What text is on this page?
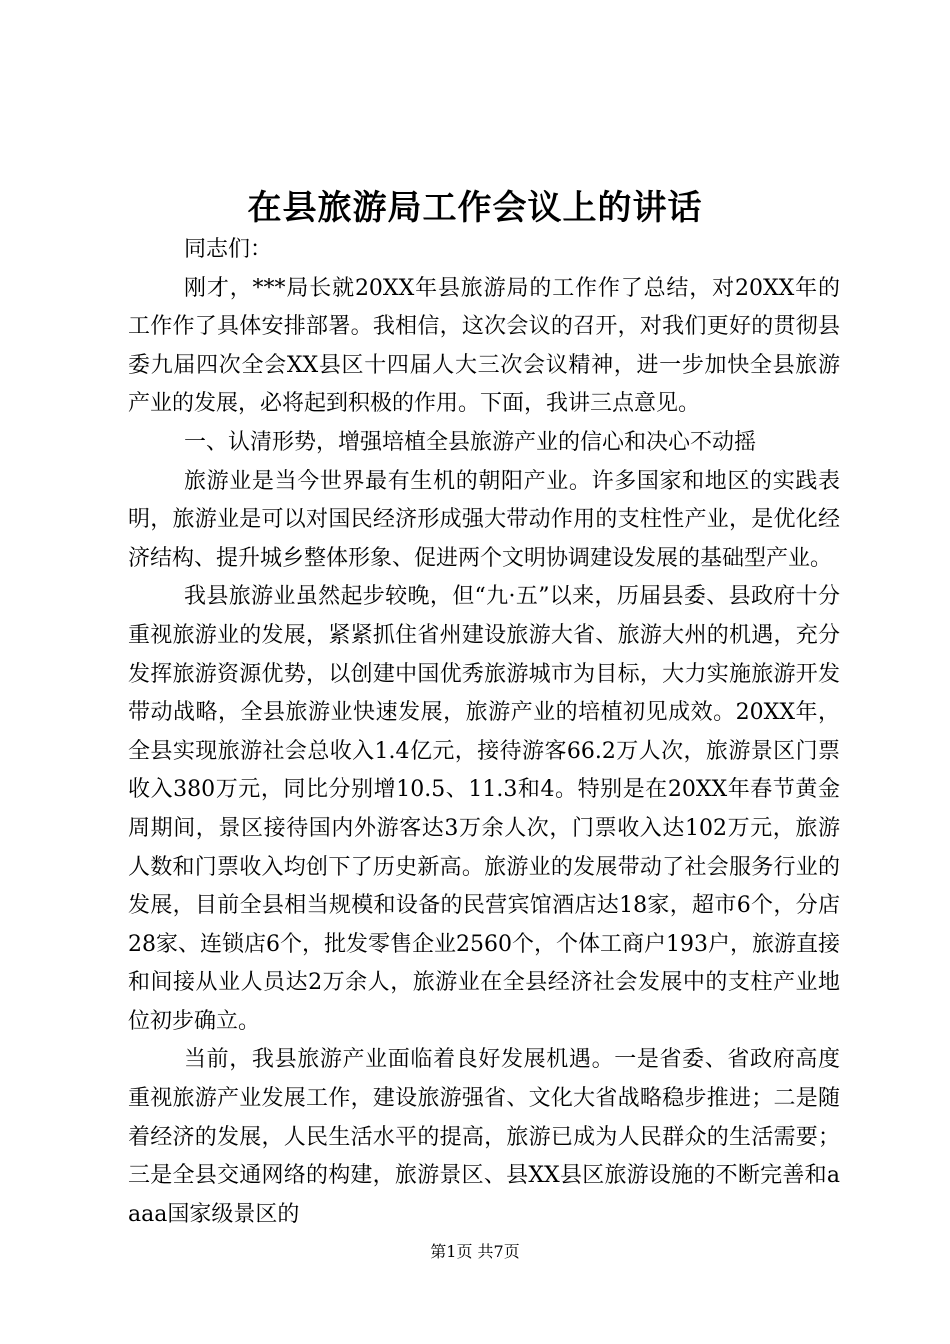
在县旅游局工作会议上的讲话

同志们：

刚才，***局长就20XX年县旅游局的工作作了总结，对20XX年的工作作了具体安排部署。我相信，这次会议的召开，对我们更好的贯彻县委九届四次全会XX县区十四届人大三次会议精神，进一步加快全县旅游产业的发展，必将起到积极的作用。下面，我讲三点意见。

一、认清形势，增强培植全县旅游产业的信心和决心不动摇

旅游业是当今世界最有生机的朝阳产业。许多国家和地区的实践表明，旅游业是可以对国民经济形成强大带动作用的支柱性产业，是优化经济结构、提升城乡整体形象、促进两个文明协调建设发展的基础型产业。

我县旅游业虽然起步较晚，但“九·五”以来，历届县委、县政府十分重视旅游业的发展，紧紧抓住省州建设旅游大省、旅游大州的机遇，充分发挥旅游资源优势，以创建中国优秀旅游城市为目标，大力实施旅游开发带动战略，全县旅游业快速发展，旅游产业的培植初见成效。20XX年，全县实现旅游社会总收入1.4亿元，接待游客66.2万人次，旅游景区门票收入380万元，同比分别增10.5、11.3和4。特别是在20XX年春节黄金周期间，景区接待国内外游客达3万余人次，门票收入达102万元，旅游人数和门票收入均创下了历史新高。旅游业的发展带动了社会服务行业的发展，目前全县相当规模和设备的民营宾馆酒店达18家，超市6个，分店28家、连锁店6个，批发零售企业2560个，个体工商户193户，旅游直接和间接从业人员达2万余人，旅游业在全县经济社会发展中的支柱产业地位初步确立。

当前，我县旅游产业面临着良好发展机遇。一是省委、省政府高度重视旅游产业发展工作，建设旅游强省、文化大省战略稳步推进；二是随着经济的发展，人民生活水平的提高，旅游已成为人民群众的生活需要；三是全县交通网络的构建，旅游景区、县XX县区旅游设施的不断完善和aaaa国家级景区的

第1页 共7页
